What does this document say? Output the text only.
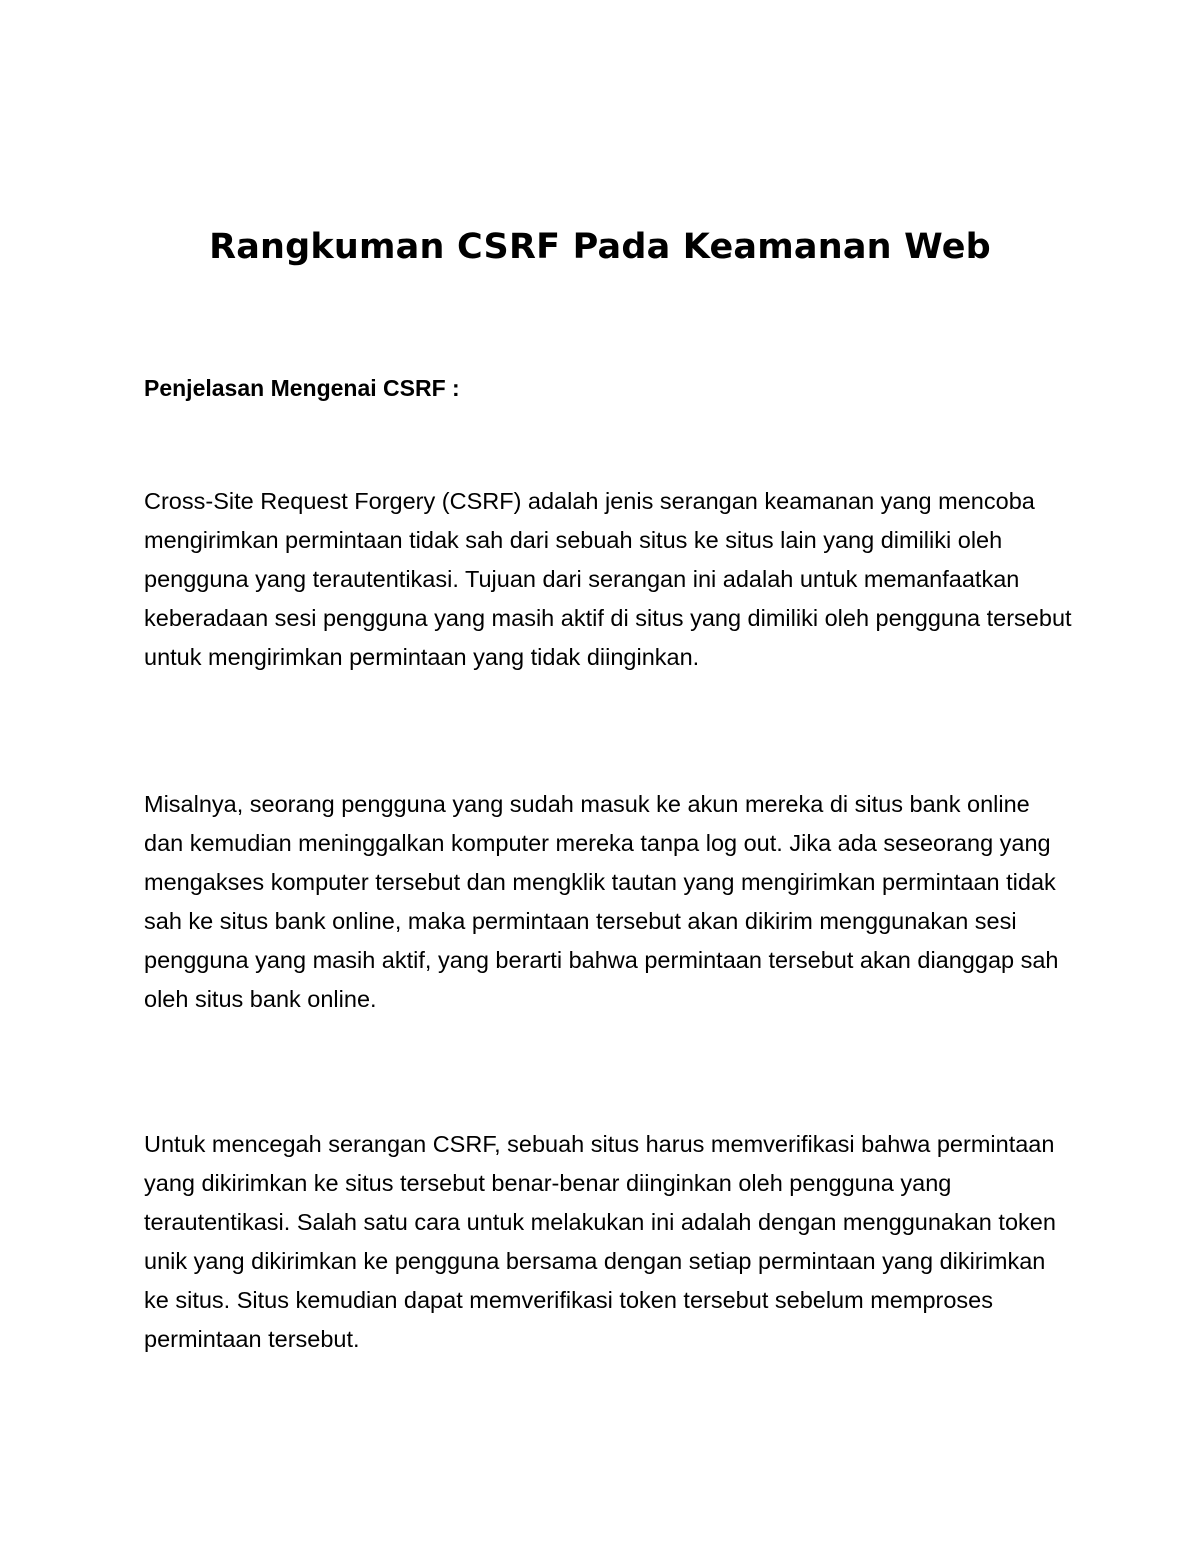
Rangkuman CSRF Pada Keamanan Web
Penjelasan Mengenai CSRF :

Cross-Site Request Forgery (CSRF) adalah jenis serangan keamanan yang mencoba mengirimkan permintaan tidak sah dari sebuah situs ke situs lain yang dimiliki oleh pengguna yang terautentikasi. Tujuan dari serangan ini adalah untuk memanfaatkan keberadaan sesi pengguna yang masih aktif di situs yang dimiliki oleh pengguna tersebut untuk mengirimkan permintaan yang tidak diinginkan.

Misalnya, seorang pengguna yang sudah masuk ke akun mereka di situs bank online dan kemudian meninggalkan komputer mereka tanpa log out. Jika ada seseorang yang mengakses komputer tersebut dan mengklik tautan yang mengirimkan permintaan tidak sah ke situs bank online, maka permintaan tersebut akan dikirim menggunakan sesi pengguna yang masih aktif, yang berarti bahwa permintaan tersebut akan dianggap sah oleh situs bank online.

Untuk mencegah serangan CSRF, sebuah situs harus memverifikasi bahwa permintaan yang dikirimkan ke situs tersebut benar-benar diinginkan oleh pengguna yang terautentikasi. Salah satu cara untuk melakukan ini adalah dengan menggunakan token unik yang dikirimkan ke pengguna bersama dengan setiap permintaan yang dikirimkan ke situs. Situs kemudian dapat memverifikasi token tersebut sebelum memproses permintaan tersebut.
